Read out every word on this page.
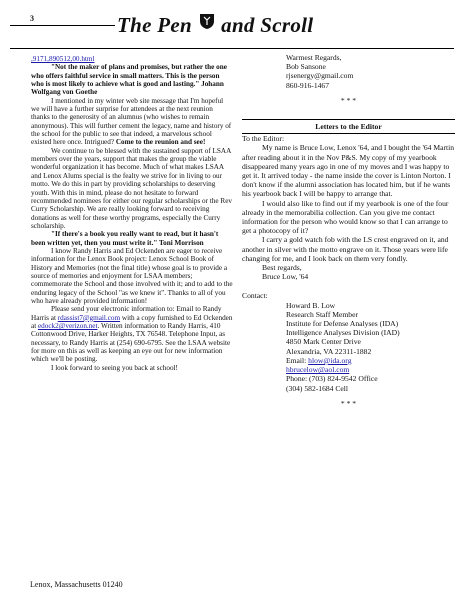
3	The Pen and Scroll

,9171,890512,00.html

"Not the maker of plans and promises, but rather the one who offers faithful service in small matters. This is the person who is most likely to achieve what is good and lasting." Johann Wolfgang von Goethe

I mentioned in my winter web site message that I'm hopeful we will have a further surprise for attendees at the next reunion thanks to the generosity of an alumnus (who wishes to remain anonymous). This will further cement the legacy, name and history of the school for the public to see that indeed, a marvelous school existed here once. Intrigued? Come to the reunion and see!

We continue to be blessed with the sustained support of LSAA members over the years, support that makes the group the viable wonderful organization it has become. Much of what makes LSAA and Lenox Alums special is the fealty we strive for in living to our motto. We do this in part by providing scholarships to deserving youth. With this in mind, please do not hesitate to forward recommended nominees for either our regular scholarships or the Rev Curry Scholarship. We are really looking forward to receiving donations as well for these worthy programs, especially the Curry scholarship.

"If there's a book you really want to read, but it hasn't been written yet, then you must write it." Toni Morrison

I know Randy Harris and Ed Ockenden are eager to receive information for the Lenox Book project: Lenox School Book of History and Memories (not the final title) whose goal is to provide a source of memories and enjoyment for LSAA members; commemorate the School and those involved with it; and to add to the enduring legacy of the School "as we knew it". Thanks to all of you who have already provided information!

Please send your electronic information to: Email to Randy Harris at rdassist7@gmail.com with a copy furnished to Ed Ockenden at edock2@verizon.net. Written information to Randy Harris, 410 Cottonwood Drive, Harker Heights, TX 76548. Telephone Input, as necessary, to Randy Harris at (254) 690-6795. See the LSAA website for more on this as well as keeping an eye out for new information which we'll be posting.

I look forward to seeing you back at school!

Warmest Regards,
Bob Sansone
rjsenergy@gmail.com
860-916-1467
* * *
Letters to the Editor
To the Editor:

My name is Bruce Low, Lenox '64, and I bought the '64 Martin after reading about it in the Nov P&S. My copy of my yearbook disappeared many years ago in one of my moves and I was happy to get it. It arrived today - the name inside the cover is Linton Norton. I don't know if the alumni association has located him, but if he wants his yearbook back I will be happy to arrange that.

I would also like to find out if my yearbook is one of the four already in the memorabilia collection. Can you give me contact information for the person who would know so that I can arrange to get a photocopy of it?

I carry a gold watch fob with the LS crest engraved on it, and another in silver with the motto engrave on it. Those years were life changing for me, and I look back on them very fondly.

Best regards,
Bruce Low, '64
Contact:
Howard B. Low
Research Staff Member
Institute for Defense Analyses (IDA)
Intelligence Analyses Division (IAD)
4850 Mark Center Drive
Alexandria, VA 22311-1882
Email: hlow@ida.org
hbrucelow@aol.com
Phone: (703) 824-9542 Office
(304) 582-1684 Cell
* * *
Lenox, Massachusetts 01240
